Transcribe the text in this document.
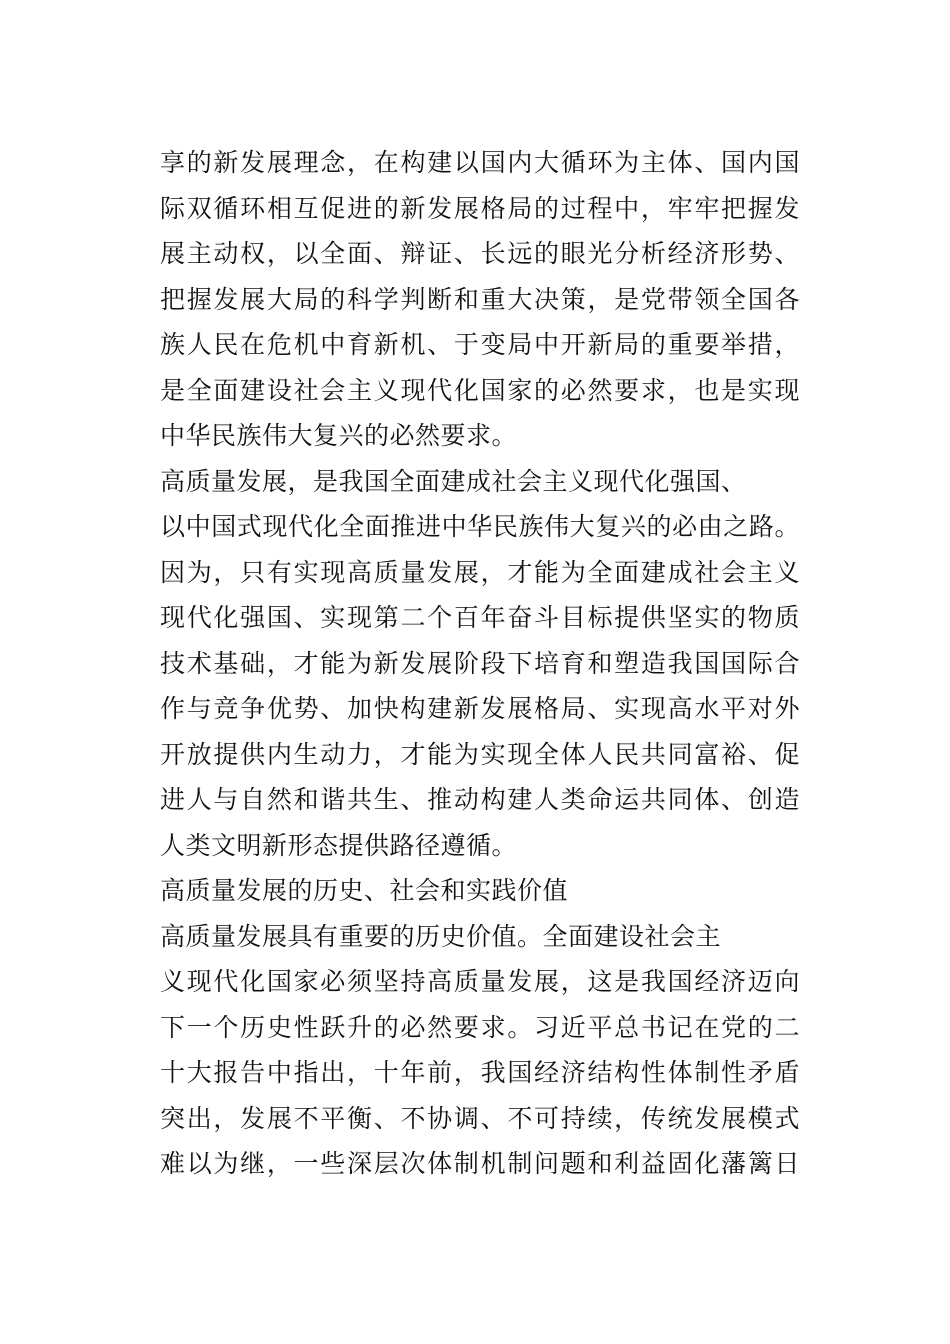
享的新发展理念，在构建以国内大循环为主体、国内国
际双循环相互促进的新发展格局的过程中，牢牢把握发
展主动权，以全面、辩证、长远的眼光分析经济形势、
把握发展大局的科学判断和重大决策，是党带领全国各
族人民在危机中育新机、于变局中开新局的重要举措，
是全面建设社会主义现代化国家的必然要求，也是实现
中华民族伟大复兴的必然要求。
高质量发展，是我国全面建成社会主义现代化强国、
以中国式现代化全面推进中华民族伟大复兴的必由之路。
因为，只有实现高质量发展，才能为全面建成社会主义
现代化强国、实现第二个百年奋斗目标提供坚实的物质
技术基础，才能为新发展阶段下培育和塑造我国国际合
作与竞争优势、加快构建新发展格局、实现高水平对外
开放提供内生动力，才能为实现全体人民共同富裕、促
进人与自然和谐共生、推动构建人类命运共同体、创造
人类文明新形态提供路径遵循。
高质量发展的历史、社会和实践价值
高质量发展具有重要的历史价值。全面建设社会主
义现代化国家必须坚持高质量发展，这是我国经济迈向
下一个历史性跃升的必然要求。习近平总书记在党的二
十大报告中指出，十年前，我国经济结构性体制性矛盾
突出，发展不平衡、不协调、不可持续，传统发展模式
难以为继，一些深层次体制机制问题和利益固化藩篱日
